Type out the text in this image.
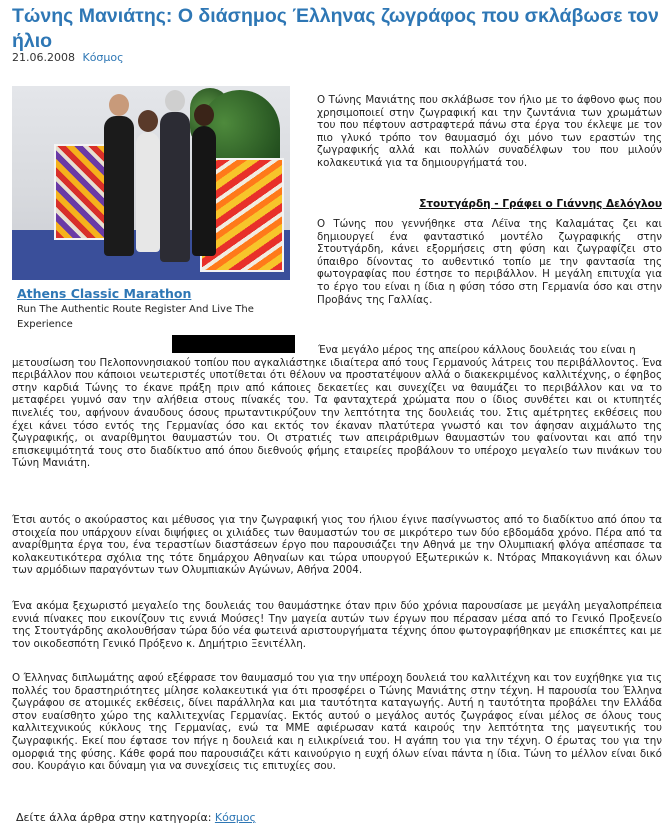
Τώνης Μανιάτης: Ο διάσημος Έλληνας ζωγράφος που σκλάβωσε τον ήλιο
21.06.2008 Κόσμος
Athens Classic Marathon

Run The Authentic Route Register And Live The Experience

Ο Τώνης Μανιάτης που σκλάβωσε τον ήλιο με το άφθονο φως που χρησιμοποιεί στην ζωγραφική και την ζωντάνια των χρωμάτων του που πέφτουν αστραφτερά πάνω στα έργα του έκλεψε με τον πιο γλυκό τρόπο τον θαυμασμό όχι μόνο των εραστών της ζωγραφικής αλλά και πολλών συναδέλφων του που μιλούν κολακευτικά για τα δημιουργήματά του.

Στουτγάρδη - Γράφει ο Γιάννης Δελόγλου

Ο Τώνης που γεννήθηκε στα Λέϊνα της Καλαμάτας ζει και δημιουργεί ένα φανταστικό μοντέλο ζωγραφικής στην Στουτγάρδη, κάνει εξορμήσεις στη φύση και ζωγραφίζει στο ύπαιθρο δίνοντας το αυθεντικό τοπίο με την φαντασία της φωτογραφίας που έστησε το περιβάλλον. Η μεγάλη επιτυχία για το έργο του είναι η ίδια η φύση τόσο στη Γερμανία όσο και στην Προβάνς της Γαλλίας.

Ένα μεγάλο μέρος της απείρου κάλλους δουλειάς του είναι η
μετουσίωση του Πελοποννησιακού τοπίου που αγκαλιάστηκε ιδιαίτερα από τους Γερμανούς λάτρεις του περιβάλλοντος. Ένα περιβάλλον που κάποιοι νεωτεριστές υποτίθεται ότι θέλουν να προστατέψουν αλλά ο διακεκριμένος καλλιτέχνης, ο έφηβος στην καρδιά Τώνης το έκανε πράξη πριν από κάποιες δεκαετίες και συνεχίζει να θαυμάζει το περιβάλλον και να το μεταφέρει γυμνό σαν την αλήθεια στους πίνακές του. Τα φανταχτερά χρώματα που ο ίδιος συνθέτει και οι κτυπητές πινελιές του, αφήνουν άναυδους όσους πρωταντικρύζουν την λεπτότητα της δουλειάς του. Στις αμέτρητες εκθέσεις που έχει κάνει τόσο εντός της Γερμανίας όσο και εκτός τον έκαναν πλατύτερα γνωστό και τον άφησαν αιχμάλωτο της ζωγραφικής, οι αναρίθμητοι θαυμαστών του. Οι στρατιές των απειράριθμων θαυμαστών του φαίνονται και από την επισκεψιμότητά τους στο διαδίκτυο από όπου διεθνούς φήμης εταιρείες προβάλουν το υπέροχο μεγαλείο των πινάκων του Τώνη Μανιάτη.

Έτσι αυτός ο ακούραστος και μέθυσος για την ζωγραφική γιος του ήλιου έγινε πασίγνωστος από το διαδίκτυο από όπου τα στοιχεία που υπάρχουν είναι διψήφιες οι χιλιάδες των θαυμαστών του σε μικρότερο των δύο εβδομάδα χρόνο. Πέρα από τα αναρίθμητα έργα του, ένα τεραστίων διαστάσεων έργο που παρουσιάζει την Αθηνά με την Ολυμπιακή φλόγα απέσπασε τα κολακευτικότερα σχόλια της τότε δημάρχου Αθηναίων και τώρα υπουργού Εξωτερικών κ. Ντόρας Μπακογιάννη και όλων των αρμόδιων παραγόντων των Ολυμπιακών Αγώνων, Αθήνα 2004.

Ένα ακόμα ξεχωριστό μεγαλείο της δουλειάς του θαυμάστηκε όταν πριν δύο χρόνια παρουσίασε με μεγάλη μεγαλοπρέπεια εννιά πίνακες που εικονίζουν τις εννιά Μούσες! Την μαγεία αυτών των έργων που πέρασαν μέσα από το Γενικό Προξενείο της Στουτγάρδης ακολουθήσαν τώρα δύο νέα φωτεινά αριστουργήματα τέχνης όπου φωτογραφήθηκαν με επισκέπτες και με τον οικοδεσπότη Γενικό Πρόξενο κ. Δημήτριο Ξενιτέλλη.

Ο Έλληνας διπλωμάτης αφού εξέφρασε τον θαυμασμό του για την υπέροχη δουλειά του καλλιτέχνη και τον ευχήθηκε για τις πολλές του δραστηριότητες μίλησε κολακευτικά για ότι προσφέρει ο Τώνης Μανιάτης στην τέχνη. Η παρουσία του Έλληνα ζωγράφου σε ατομικές εκθέσεις, δίνει παράλληλα και μια ταυτότητα καταγωγής. Αυτή η ταυτότητα προβάλει την Ελλάδα στον ευαίσθητο χώρο της καλλιτεχνίας Γερμανίας. Εκτός αυτού ο μεγάλος αυτός ζωγράφος είναι μέλος σε όλους τους καλλιτεχνικούς κύκλους της Γερμανίας, ενώ τα ΜΜΕ αφιέρωσαν κατά καιρούς την λεπτότητα της μαγευτικής του ζωγραφικής. Εκεί που έφτασε τον πήγε η δουλειά και η ειλικρίνειά του. Η αγάπη του για την τέχνη. Ο έρωτας του για την ομορφιά της φύσης. Κάθε φορά που παρουσιάζει κάτι καινούργιο η ευχή όλων είναι πάντα η ίδια. Τώνη το μέλλον είναι δικό σου. Κουράγιο και δύναμη για να συνεχίσεις τις επιτυχίες σου.

Δείτε άλλα άρθρα στην κατηγορία: Κόσμος
